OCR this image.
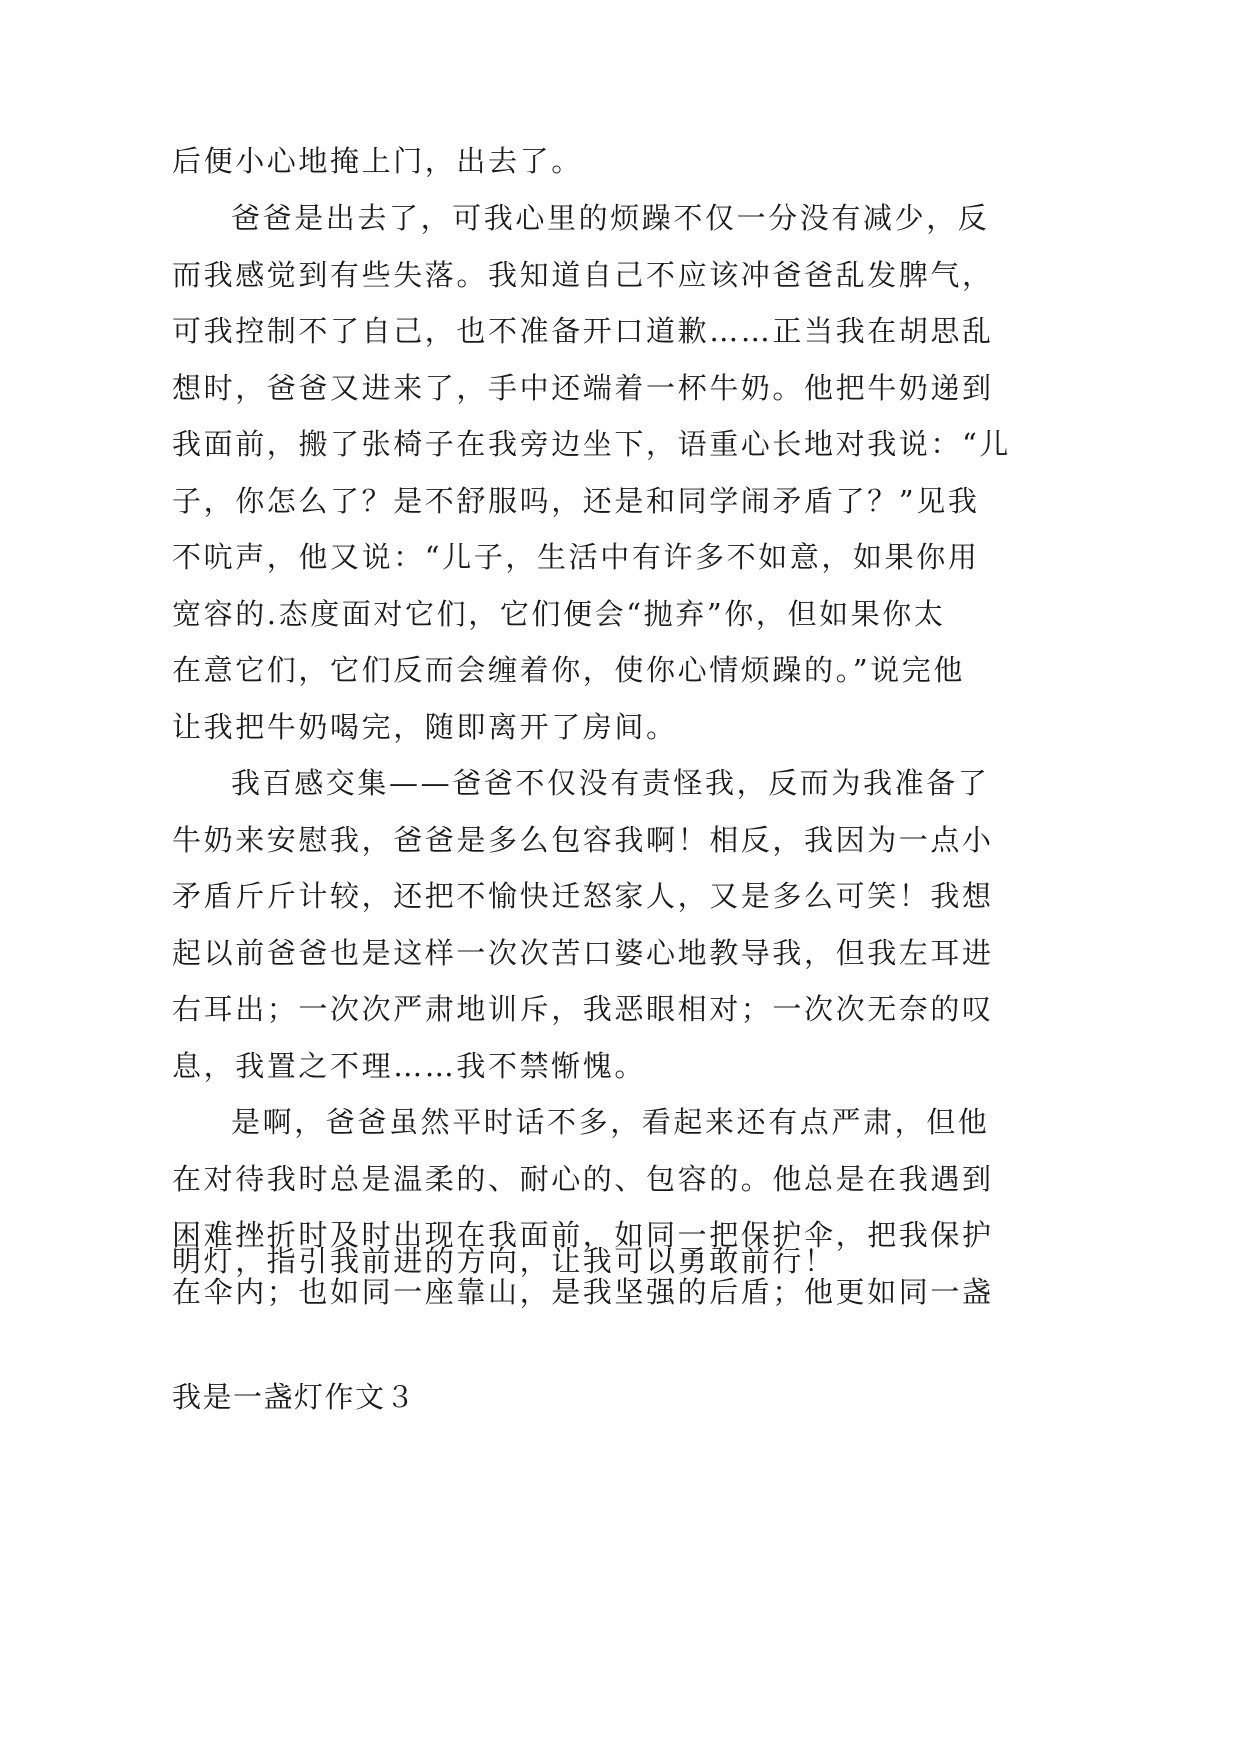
后便小心地掩上门，出去了。
爸爸是出去了，可我心里的烦躁不仅一分没有减少，反
而我感觉到有些失落。我知道自己不应该冲爸爸乱发脾气，
可我控制不了自己，也不准备开口道歉……正当我在胡思乱
想时，爸爸又进来了，手中还端着一杯牛奶。他把牛奶递到
我面前，搬了张椅子在我旁边坐下，语重心长地对我说：“儿
子，你怎么了？是不舒服吗，还是和同学闹矛盾了？”见我
不吭声，他又说：“儿子，生活中有许多不如意，如果你用
宽容的.态度面对它们，它们便会“抛弃”你，但如果你太
在意它们，它们反而会缠着你，使你心情烦躁的。”说完他
让我把牛奶喝完，随即离开了房间。
我百感交集——爸爸不仅没有责怪我，反而为我准备了
牛奶来安慰我，爸爸是多么包容我啊！相反，我因为一点小
矛盾斤斤计较，还把不愉快迁怒家人，又是多么可笑！我想
起以前爸爸也是这样一次次苦口婆心地教导我，但我左耳进
右耳出；一次次严肃地训斥，我恶眼相对；一次次无奈的叹
息，我置之不理……我不禁惭愧。
是啊，爸爸虽然平时话不多，看起来还有点严肃，但他
在对待我时总是温柔的、耐心的、包容的。他总是在我遇到
困难挫折时及时出现在我面前，如同一把保护伞，把我保护
在伞内；也如同一座靠山，是我坚强的后盾；他更如同一盏
明灯，指引我前进的方向，让我可以勇敢前行！
我是一盏灯作文３
